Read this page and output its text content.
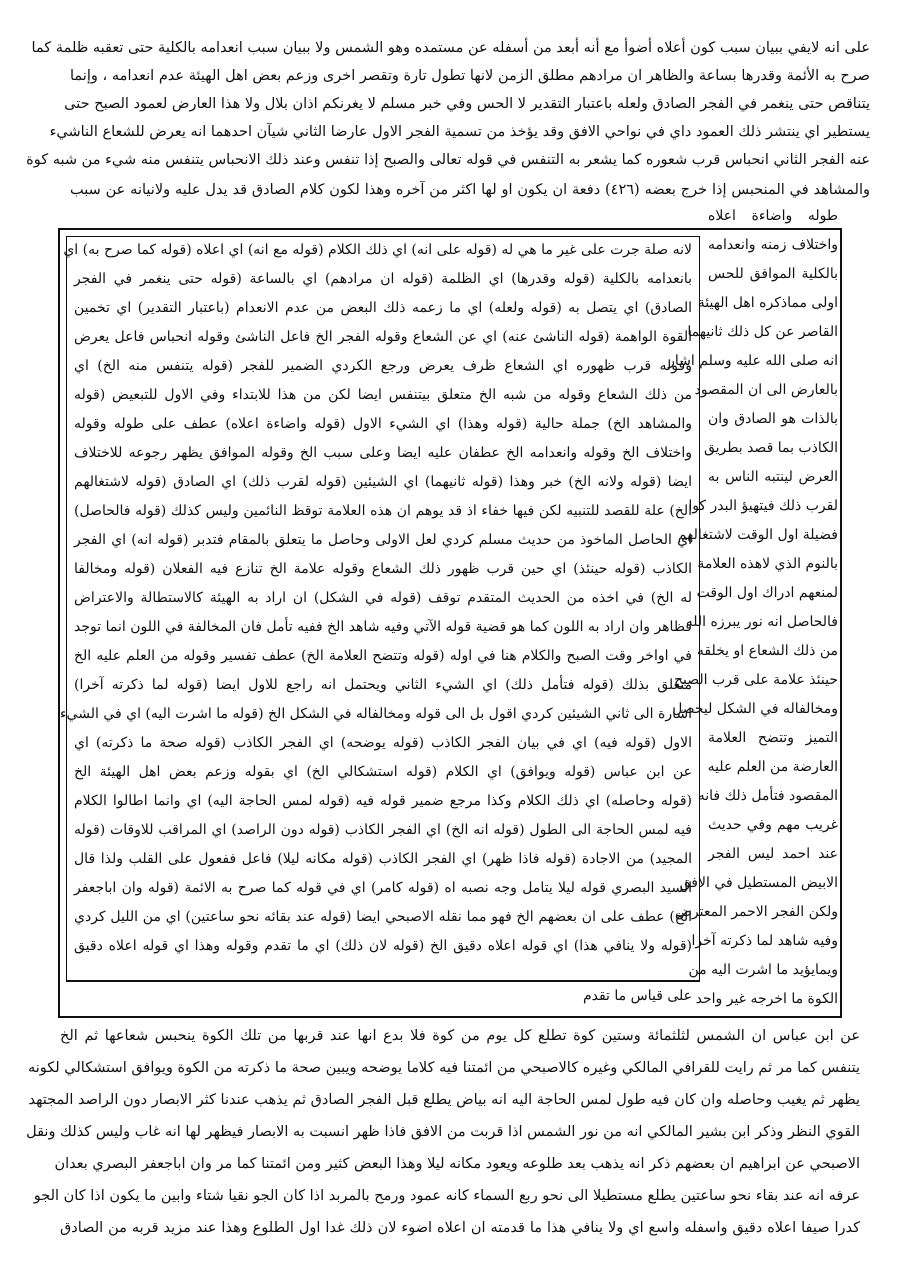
على انه لايفي ببيان سبب كون أعلاه أضوأ مع أنه أبعد من أسفله عن مستمده وهو الشمس ولا ببيان سبب انعدامه بالكلية حتى تعقبه ظلمة كما
صرح به الأئمة وقدرها بساعة والظاهر ان مرادهم مطلق الزمن لانها تطول تارة وتقصر اخرى وزعم بعض اهل الهيئة عدم انعدامه ، وإنما
يتناقص حتى ينغمر في الفجر الصادق ولعله باعتبار التقدير لا الحس وفي خبر مسلم لا يغرنكم اذان بلال ولا هذا العارض لعمود الصبح حتى
يستطير اي ينتشر ذلك العمود داي في نواحي الافق وقد يؤخذ من تسمية الفجر الاول عارضا الثاني شيآن احدهما انه يعرض للشعاع الناشيء
عنه الفجر الثاني انحباس قرب شعوره كما يشعر به التنفس في قوله تعالى والصبح إذا تنفس وعند ذلك الانحباس يتنفس منه شيء من شبه كوة
والمشاهد في المنحبس إذا خرج بعضه (٤٢٦) دفعة ان يكون او لها اكثر من آخره وهذا لكون كلام الصادق قد يدل عليه ولانيانه عن سبب
طوله واضاءة اعلاه
واختلاف زمنه وانعدامه
بالكلية الموافق للحس
اولى مماذكره اهل الهيئة
القاصر عن كل ذلك ثانيهما
انه صلى الله عليه وسلم اشار
بالعارض الى ان المقصود
بالذات هو الصادق وان
الكاذب بما قصد بطريق
العرض لينتبه الناس به
لقرب ذلك فيتهيؤ البدر كوا
فضيلة اول الوقت لاشتغالهم
بالنوم الذي لاهذه العلامة
لمنعهم ادراك اول الوقت
فالحاصل انه نور يبرزه الله
من ذلك الشعاع او يخلقه
حينئذ علامة على قرب الصبح
ومخالفاله في الشكل ليحصل
التميز وتتضح العلامة
العارضة من العلم عليه
المقصود فتأمل ذلك فانه
غريب مهم وفي حديث
عند احمد ليس الفجر
الابيض المستطيل في الافق
ولكن الفجر الاحمر المعترض
وفيه شاهد لما ذكرته آخرا
ويمايؤيد ما اشرت اليه من
الكوة ما اخرجه غير واحد
لانه صلة جرت على غير ما هي له (قوله على انه) اي ذلك الكلام (قوله مع انه) اي اعلاه (قوله كما صرح به) اي
بانعدامه بالكلية (قوله وقدرها) اي الظلمة (قوله ان مرادهم) اي بالساعة (قوله حتى ينغمر في الفجر
الصادق) اي يتصل به (قوله ولعله) اي ما زعمه ذلك البعض من عدم الانعدام (باعتبار التقدير) اي تخمين
القوة الواهمة (قوله الناشئ عنه) اي عن الشعاع وقوله الفجر الخ فاعل الناشئ وقوله انحباس فاعل يعرض
وقوله قرب ظهوره اي الشعاع ظرف يعرض ورجع الكردي الضمير للفجر (قوله يتنفس منه الخ) اي
من ذلك الشعاع وقوله من شبه الخ متعلق بيتنفس ايضا لكن من هذا للابتداء وفي الاول للتبعيض (قوله
والمشاهد الخ) جملة حالية (قوله وهذا) اي الشيء الاول (قوله واضاءة اعلاه) عطف على طوله وقوله
واختلاف الخ وقوله وانعدامه الخ عطفان عليه ايضا وعلى سبب الخ وقوله الموافق يظهر رجوعه للاختلاف
ايضا (قوله ولانه الخ) خبر وهذا (قوله ثانيهما) اي الشيئين (قوله لقرب ذلك) اي الصادق (قوله لاشتغالهم
الخ) علة للقصد للتنبيه لكن فيها خفاء اذ قد يوهم ان هذه العلامة توقظ النائمين وليس كذلك (قوله فالحاصل)
اي الحاصل الماخوذ من حديث مسلم كردي لعل الاولى وحاصل ما يتعلق بالمقام فتدبر (قوله انه) اي الفجر
الكاذب (قوله حينئذ) اي حين قرب ظهور ذلك الشعاع وقوله علامة الخ تنازع فيه الفعلان (قوله ومخالفا
له الخ) في اخذه من الحديث المتقدم توقف (قوله في الشكل) ان اراد به الهيئة كالاستطالة والاعتراض
فظاهر وان اراد به اللون كما هو قضية قوله الآتي وفيه شاهد الخ ففيه تأمل فان المخالفة في اللون انما توجد
في اواخر وقت الصبح والكلام هنا في اوله (قوله وتتضح العلامة الخ) عطف تفسير وقوله من العلم عليه الخ
متعلق بذلك (قوله فتأمل ذلك) اي الشيء الثاني ويحتمل انه راجع للاول ايضا (قوله لما ذكرته آخرا)
اشارة الى ثاني الشيئين كردي اقول بل الى قوله ومخالفاله في الشكل الخ (قوله ما اشرت اليه) اي في الشيء
الاول (قوله فيه) اي في بيان الفجر الكاذب (قوله يوضحه) اي الفجر الكاذب (قوله صحة ما ذكرته) اي
عن ابن عباس (قوله ويوافق) اي الكلام (قوله استشكالي الخ) اي بقوله وزعم بعض اهل الهيئة الخ
(قوله وحاصله) اي ذلك الكلام وكذا مرجع ضمير قوله فيه (قوله لمس الحاجة اليه) اي وانما اطالوا الكلام
فيه لمس الحاجة الى الطول (قوله انه الخ) اي الفجر الكاذب (قوله دون الراصد) اي المراقب للاوقات (قوله
المجيد) من الاجادة (قوله فاذا ظهر) اي الفجر الكاذب (قوله مكانه ليلا) فاعل ففعول على القلب ولذا قال
السيد البصري قوله ليلا يتامل وجه نصبه اه (قوله كامر) اي في قوله كما صرح به الائمة (قوله وان اباجعفر
الخ) عطف على ان بعضهم الخ فهو مما نقله الاصبحي ايضا (قوله عند بقائه نحو ساعتين) اي من الليل كردي
(قوله ولا ينافي هذا) اي قوله اعلاه دقيق الخ (قوله لان ذلك) اي ما تقدم وقوله وهذا اي قوله اعلاه دقيق
على قياس ما تقدم
عن ابن عباس ان الشمس لثلثمائة وستين كوة تطلع كل يوم من كوة فلا بدع انها عند قربها من تلك الكوة ينحبس شعاعها ثم الخ
يتنفس كما مر ثم رايت للقرافي المالكي وغيره كالاصبحي من ائمتنا فيه كلاما يوضحه ويبين صحة ما ذكرته من الكوة ويوافق استشكالي لكونه
يظهر ثم يغيب وحاصله وان كان فيه طول لمس الحاجة اليه انه بياض يطلع قبل الفجر الصادق ثم يذهب عندنا كثر الابصار دون الراصد المجتهد
القوي النظر وذكر ابن بشير المالكي انه من نور الشمس اذا قربت من الافق فاذا ظهر انسبت به الابصار فيظهر لها انه غاب وليس كذلك ونقل
الاصبحي عن ابراهيم ان بعضهم ذكر انه يذهب بعد طلوعه ويعود مكانه ليلا وهذا البعض كثير ومن ائمتنا كما مر وان اباجعفر البصري بعدان
عرفه انه عند بقاء نحو ساعتين يطلع مستطيلا الى نحو ربع السماء كانه عمود ورمح بالمربد اذا كان الجو نقيا شتاء وابين ما يكون اذا كان الجو
كدرا صيفا اعلاه دقيق واسفله واسع اي ولا ينافي هذا ما قدمته ان اعلاه اضوء لان ذلك غدا اول الطلوع وهذا عند مزيد قربه من الصادق
